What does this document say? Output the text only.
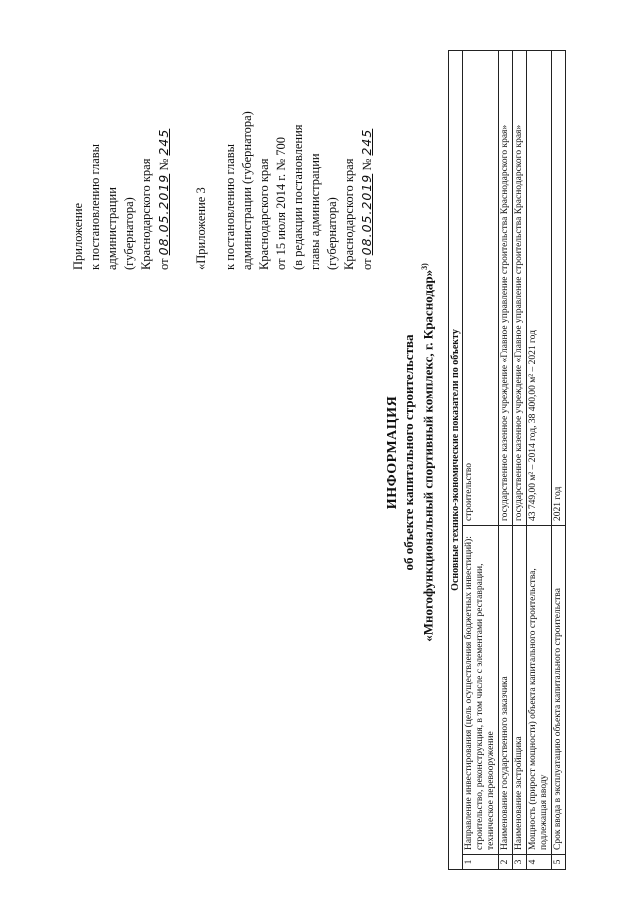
Приложение к постановлению главы администрации (губернатора) Краснодарского края от 08.05.2019 № 245
«Приложение 3 к постановлению главы администрации (губернатора) Краснодарского края от 15 июля 2014 г. № 700 (в редакции постановления главы администрации (губернатора) Краснодарского края от 08.05.2019 № 245
ИНФОРМАЦИЯ об объекте капитального строительства «Многофункциональный спортивный комплекс, г. Краснодар»$^{3)}$
Основные технико-экономические показатели по объекту		
1	Направление инвестирования (цель осуществления бюджетных инвестиций): строительство, реконструкция, в том числе с элементами реставрации, техническое перевооружение	строительство
2	Наименование государственного заказчика	государственное казенное учреждение «Главное управление строительства Краснодарского края»
3	Наименование застройщика	государственное казенное учреждение «Главное управление строительства Краснодарского края»
4	Мощность (прирост мощности) объекта капитального строительства, подлежащая вводу	43 749,00 м² – 2014 год, 38 400,00 м² – 2021 год
5	Срок ввода в эксплуатацию объекта капитального строительства	2021 год
